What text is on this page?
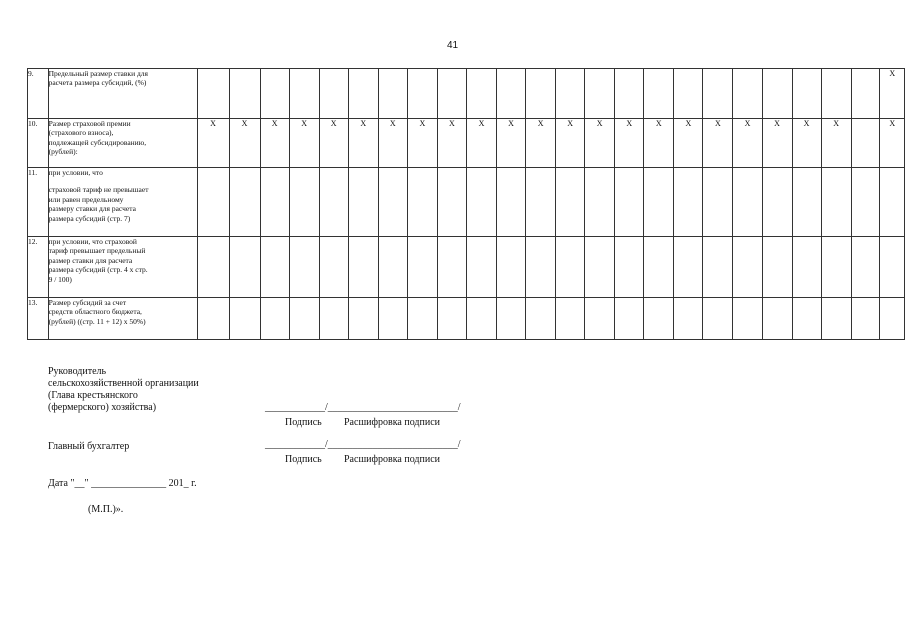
41
9.	Предельный размер ставки для
расчета размера субсидий, (%)																								X
10.	Размер страховой премии
(страхового взноса),
подлежащей субсидированию,
(рублей):	X	X	X	X	X	X	X	X	X	X	X	X	X	X	X	X	X	X	X	X	X	X		X
11.	при условии, что
страховой тариф не превышает
или равен предельному
размеру ставки для расчета
размера субсидий (стр. 7)																								

12.	при условии, что страховой
тариф превышает предельный
размер ставки для расчета
размера субсидий (стр. 4 x стр.
9 / 100)																								

13.	Размер субсидий за счет
средств областного бюджета,
(рублей) ((стр. 11 + 12) x 50%)																								

Руководитель
сельскохозяйственной организации
(Глава крестьянского
(фермерского) хозяйства)	____________/__________________________/
Подпись Расшифровка подписи
Главный бухгалтер	____________/__________________________/
Подпись Расшифровка подписи
Дата "__" _______________ 201_ г.
(М.П.)».
